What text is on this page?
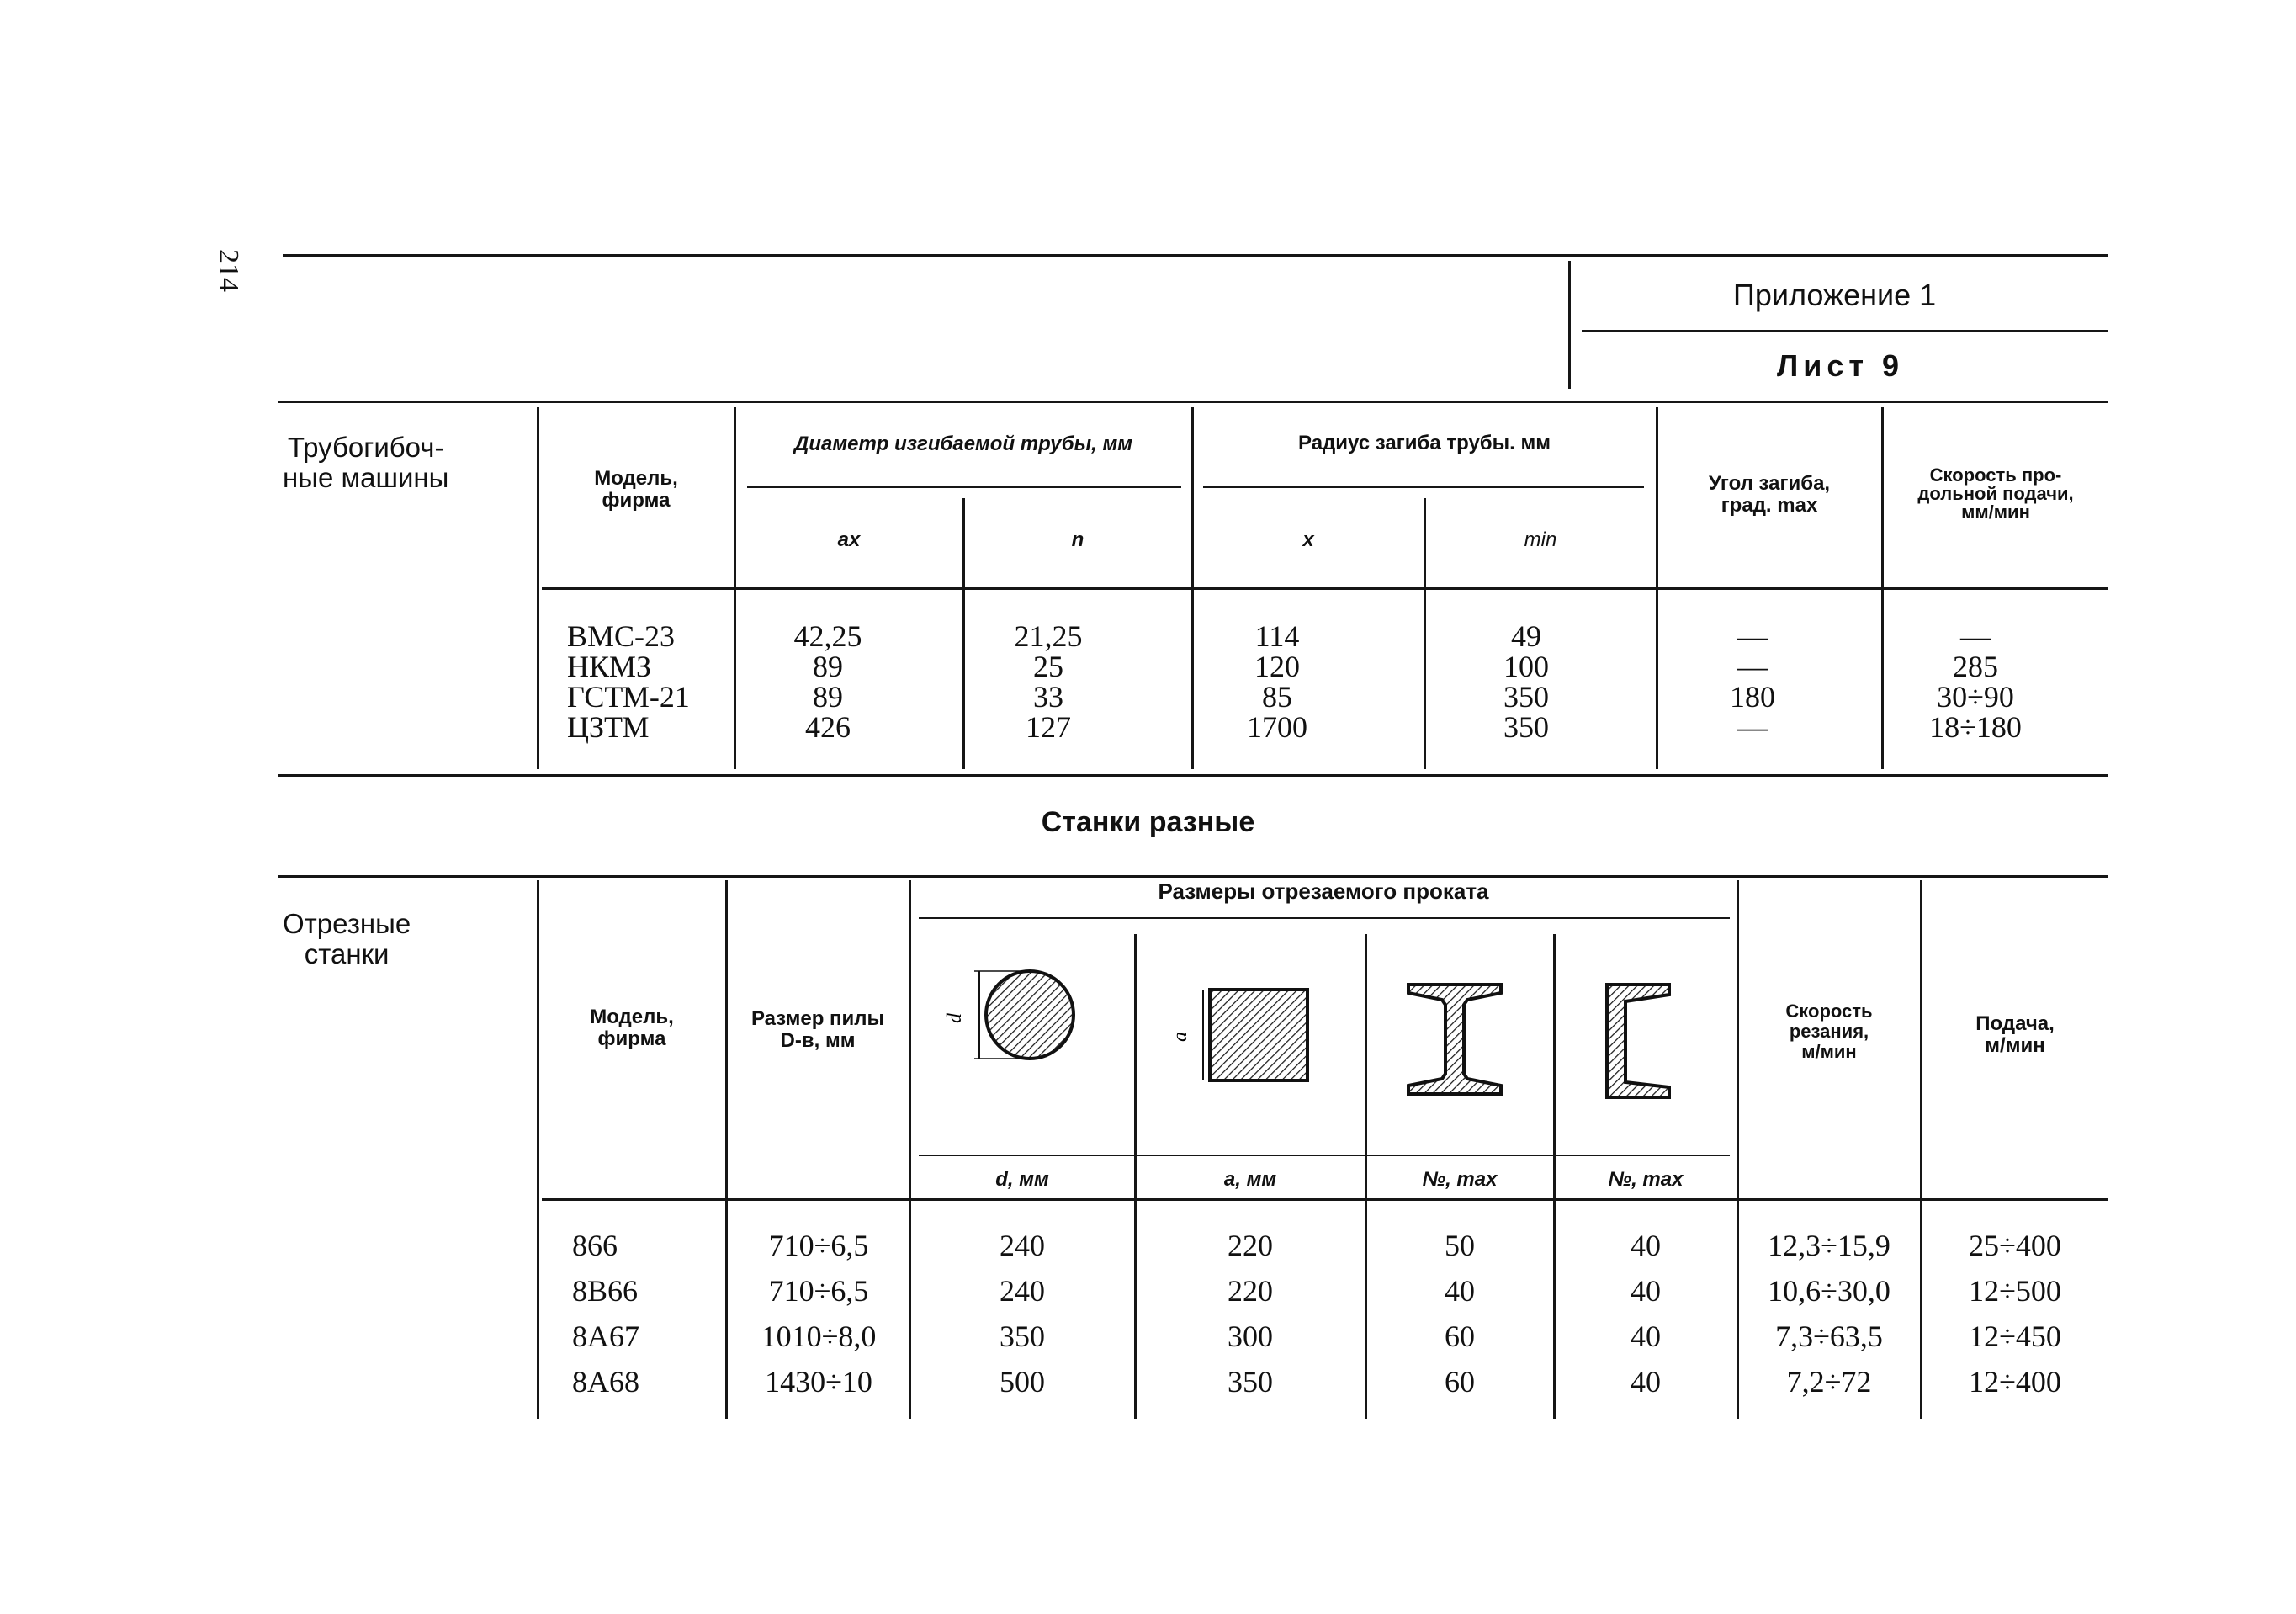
214
Приложение 1
Лист 9
Трубогибоч-
ные машины	Модель,
фирма
Диаметр изгибаемой трубы, мм
ax	n
Радиус загиба трубы. мм
x	min
Угол загиба,
град. max
Скорость про-
дольной подачи,
мм/мин
ВМС-23	42,25	21,25	114	49	—	—
НКМЗ	89	25	120	100	—	285
ГСТМ-21	89	33	85	350	180	30÷90
ЦЗТМ	426	127	1700	350	—	18÷180
Станки разные
Отрезные
станки
Модель,
фирма
Размер пилы
D-в, мм
Размеры отрезаемого проката
Скорость
резания,
м/мин
Подача,
м/мин
d
a
d, мм	a, мм	№, max	№, max
866	710÷6,5	240	220	50	40	12,3÷15,9	25÷400
8В66	710÷6,5	240	220	40	40	10,6÷30,0	12÷500
8А67	1010÷8,0	350	300	60	40	7,3÷63,5	12÷450
8А68	1430÷10	500	350	60	40	7,2÷72	12÷400
